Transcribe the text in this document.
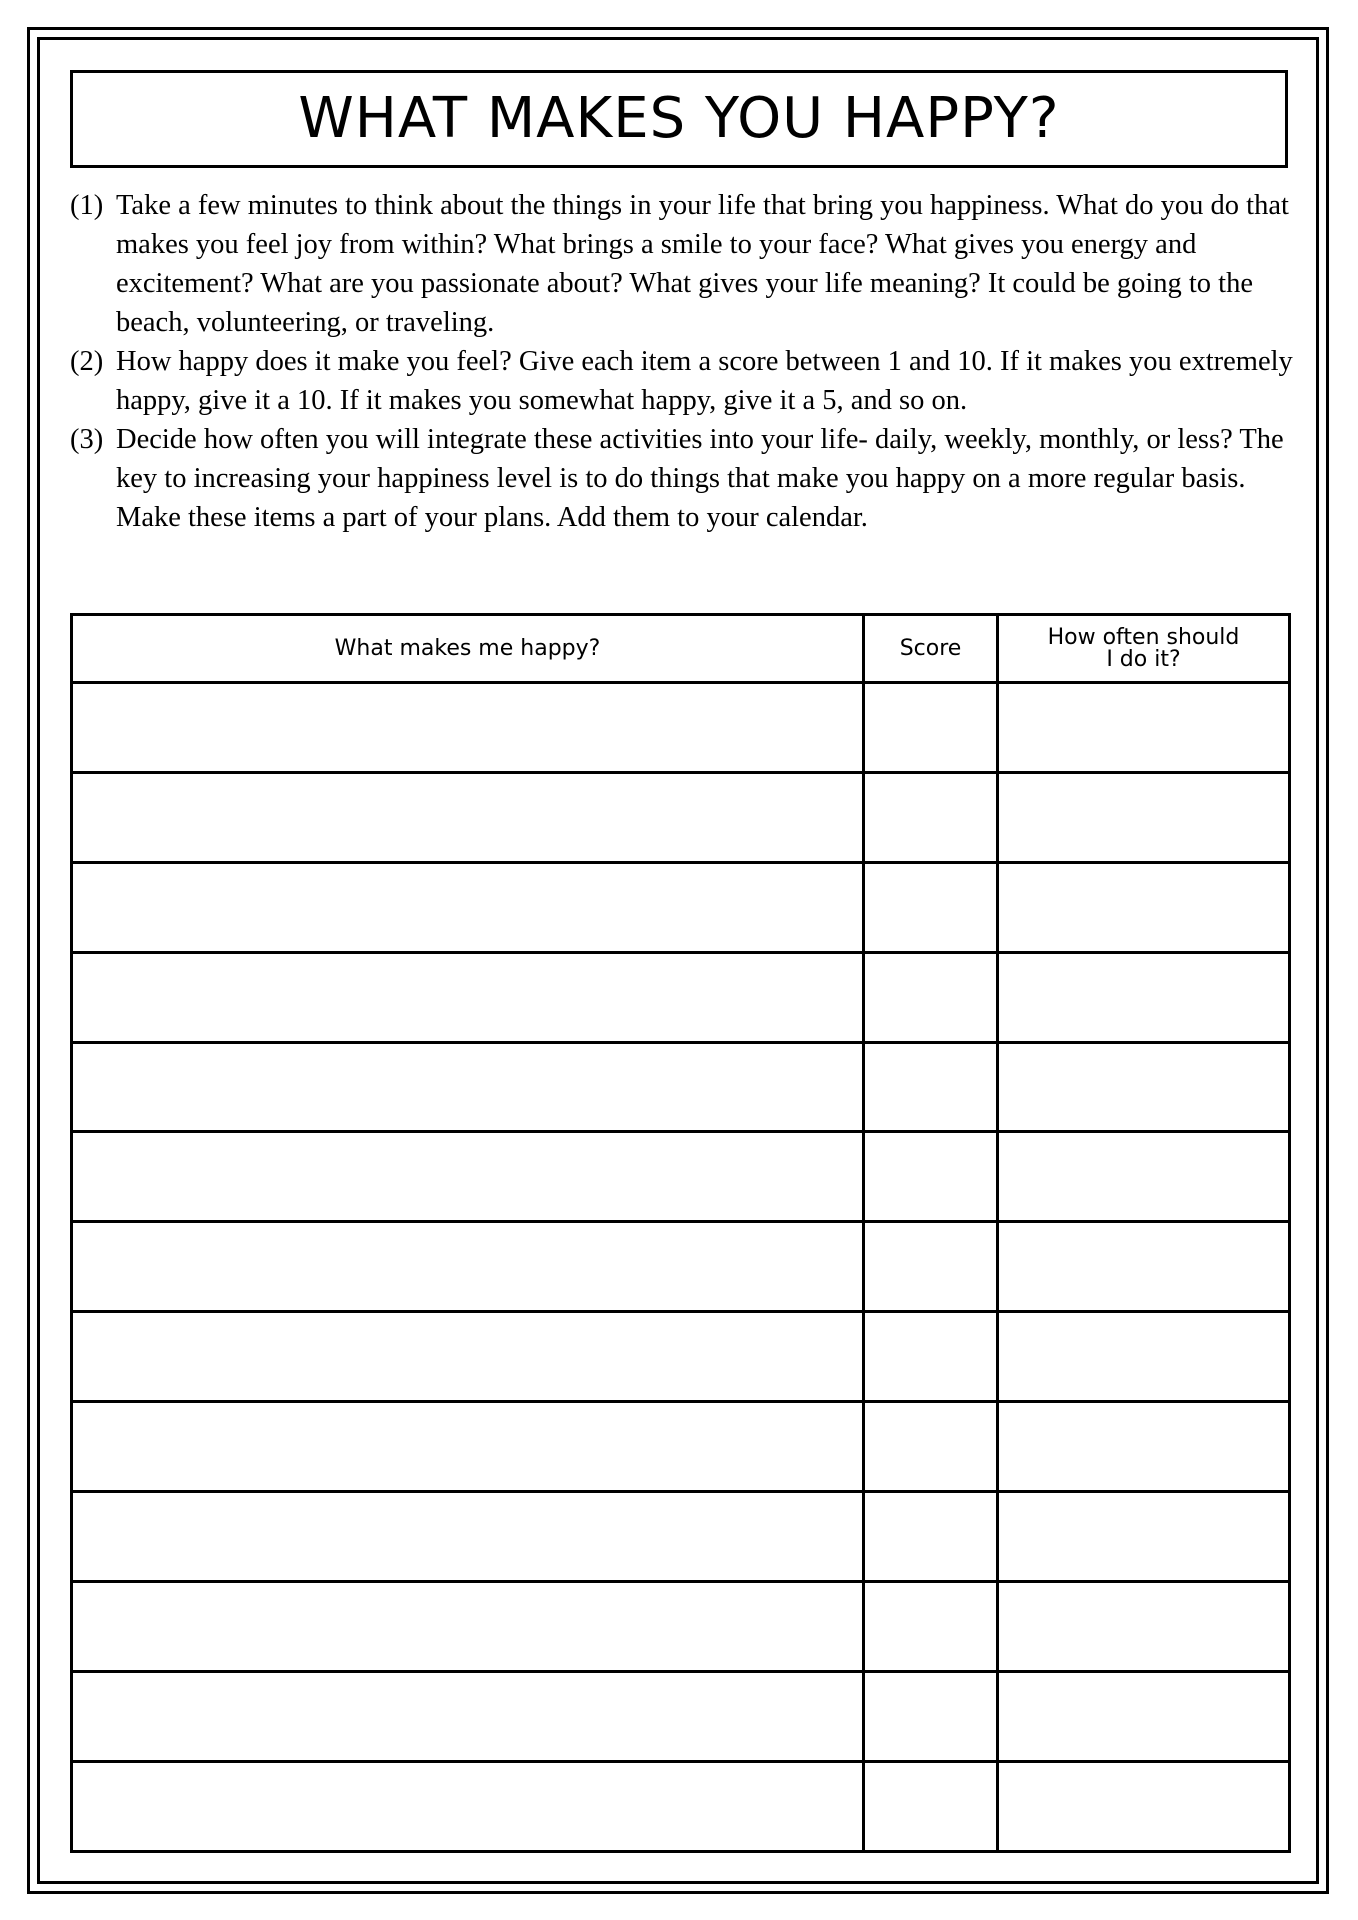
WHAT MAKES YOU HAPPY?

(1) Take a few minutes to think about the things in your life that bring you happiness. What do you do that makes you feel joy from within? What brings a smile to your face? What gives you energy and excitement? What are you passionate about? What gives your life meaning? It could be going to the beach, volunteering, or traveling.

(2) How happy does it make you feel? Give each item a score between 1 and 10. If it makes you extremely happy, give it a 10. If it makes you somewhat happy, give it a 5, and so on.

(3) Decide how often you will integrate these activities into your life- daily, weekly, monthly, or less? The key to increasing your happiness level is to do things that make you happy on a more regular basis. Make these items a part of your plans. Add them to your calendar.

What makes me happy?	Score	How often should
I do it?
